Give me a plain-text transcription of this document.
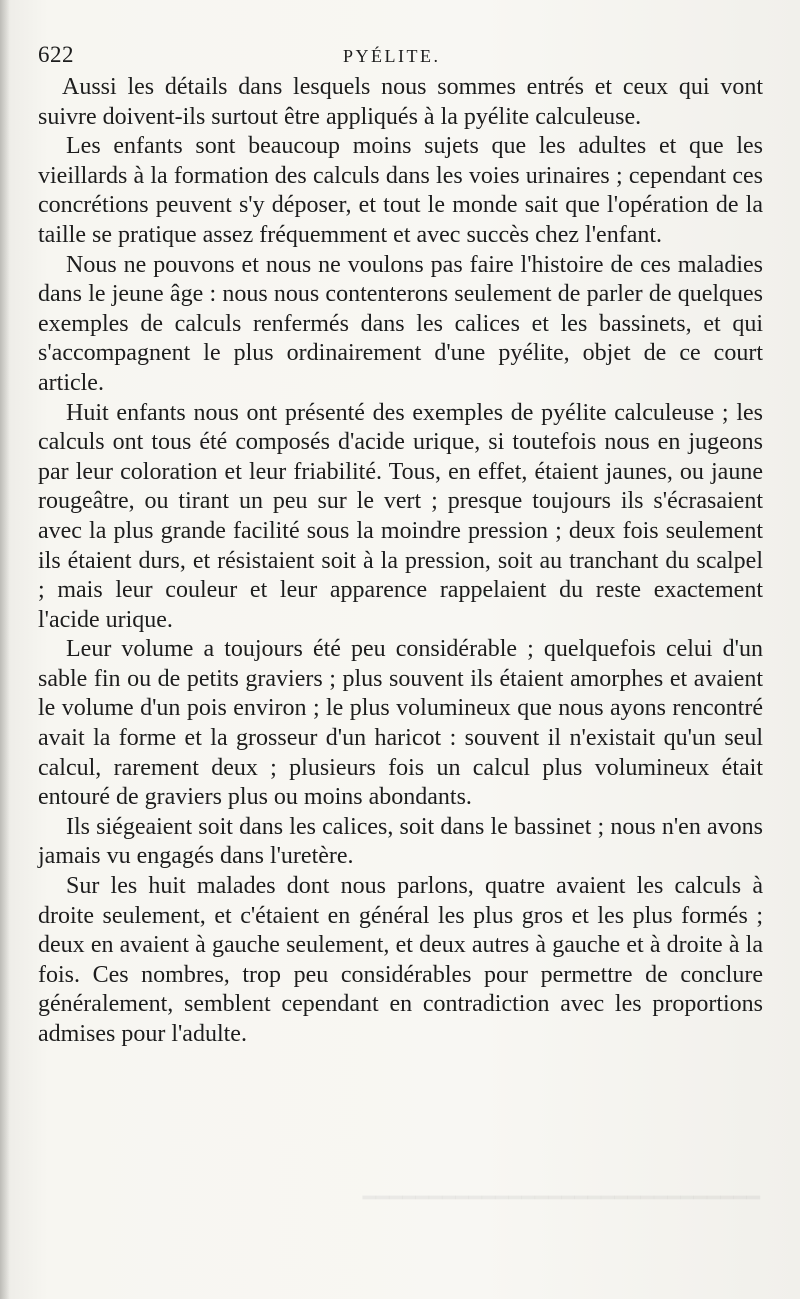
━━━━━━━━━━━━━━━━━━━━━━━━━━━━━━
622	PYÉLITE.

Aussi les détails dans lesquels nous sommes entrés et ceux qui vont suivre doivent-ils surtout être appliqués à la pyélite calculeuse.

Les enfants sont beaucoup moins sujets que les adultes et que les vieillards à la formation des calculs dans les voies urinaires ; cependant ces concrétions peuvent s'y déposer, et tout le monde sait que l'opération de la taille se pratique assez fréquemment et avec succès chez l'enfant.

Nous ne pouvons et nous ne voulons pas faire l'histoire de ces maladies dans le jeune âge : nous nous contenterons seulement de parler de quelques exemples de calculs renfermés dans les calices et les bassinets, et qui s'accompagnent le plus ordinairement d'une pyélite, objet de ce court article.

Huit enfants nous ont présenté des exemples de pyélite calculeuse ; les calculs ont tous été composés d'acide urique, si toutefois nous en jugeons par leur coloration et leur friabilité. Tous, en effet, étaient jaunes, ou jaune rougeâtre, ou tirant un peu sur le vert ; presque toujours ils s'écrasaient avec la plus grande facilité sous la moindre pression ; deux fois seulement ils étaient durs, et résistaient soit à la pression, soit au tranchant du scalpel ; mais leur couleur et leur apparence rappelaient du reste exactement l'acide urique.

Leur volume a toujours été peu considérable ; quelquefois celui d'un sable fin ou de petits graviers ; plus souvent ils étaient amorphes et avaient le volume d'un pois environ ; le plus volumineux que nous ayons rencontré avait la forme et la grosseur d'un haricot : souvent il n'existait qu'un seul calcul, rarement deux ; plusieurs fois un calcul plus volumineux était entouré de graviers plus ou moins abondants.

Ils siégeaient soit dans les calices, soit dans le bassinet ; nous n'en avons jamais vu engagés dans l'uretère.

Sur les huit malades dont nous parlons, quatre avaient les calculs à droite seulement, et c'étaient en général les plus gros et les plus formés ; deux en avaient à gauche seulement, et deux autres à gauche et à droite à la fois. Ces nombres, trop peu considérables pour permettre de conclure généralement, semblent cependant en contradiction avec les proportions admises pour l'adulte.
